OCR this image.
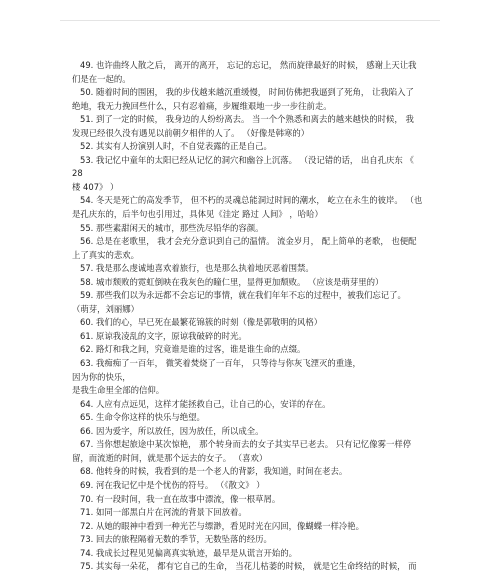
49. 也许曲终人散之后， 离开的离开， 忘记的忘记， 然而旋律最好的时候， 感谢上天让我
们是在一起的。
50. 随着时间的围困， 我的步伐越来越沉重缓慢， 时间仿佛把我逼到了死角， 让我陷入了
绝地，我无力挽回些什么，只有忍着痛，步履维艰地一步一步往前走。
51. 到了一定的时候， 我身边的人纷纷离去。 当一个个熟悉和离去的越来越快的时候， 我
发现已经很久没有遇见以前朝夕相伴的人了。 （好像是韩寒的）
52. 其实有人扮演别人时，不自觉表露的正是自己。
53. 我记忆中童年的太阳已经从记忆的洞穴和幽谷上沉落。 （没记错的话， 出自孔庆东 《
28
楼 407》 ）
54. 冬天是死亡的高发季节， 但不朽的灵魂总能洞过时间的潮水， 屹立在永生的彼岸。 （也
是孔庆东的，后半句也引用过，具体见《洼定 路过 人间》 ，哈哈）
55. 那些素甜闲天的城市，那些洗尽铅华的容颜。
56. 总是在老歌里， 我才会充分意识到自己的温情。 流金岁月， 配上简单的老歌， 也便配
上了真实的悲欢。
57. 我是那么虔诚地喜欢着旅行，也是那么执着地厌恶着围禁。
58. 城市颓败的霓虹倒映在我灰色的瞳仁里，显得更加颓败。 （应该是萌芽里的）
59. 那些我们以为永远都不会忘记的事情，就在我们年年不忘的过程中，被我们忘记了。
（萌芽，刘丽娜）
60. 我们的心，早已死在最繁花锦簇的时刻（像是郭敬明的风格）
61. 原谅我凌乱的文字，原谅我破碎的时光。
62. 路灯和我之间，究竟谁是谁的过客，谁是谁生命的点缀。
63. 我痴痴了一百年， 微笑着焚烧了一百年， 只等待与你灰飞湮灭的重逢，
因为你的快乐，
是我生命里全部的信仰。
64. 人应有点远见，这样才能拯救自己，让自己的心，安详的存在。
65. 生命令你这样的快乐与绝望。
66. 因为爱字，所以放任，因为放任，所以成全。
67. 当你想起旅途中某次惊艳， 那个转身而去的女子其实早已老去。 只有记忆像雾一样停
留，而流逝的时间，就是那个远去的女子。 （喜欢）
68. 他转身的时候，我看到的是一个老人的背影，我知道，时间在老去。
69. 河在我记忆中是个忧伤的符号。 （《散文》 ）
70. 有一段时间，我一直在故事中漂流，像一根草屑。
71. 如同一部黑白片在河流的背景下回放着。
72. 从她的眼神中看到一种光芒与缥渺，看见时光在闪回，像蝴蝶一样冷艳。
73. 回去的旅程隔着无数的季节，无数坠落的经历。
74. 我成长过程见见偏离真实轨迹，最早是从谎言开始的。
75. 其实每一朵花， 都有它自己的生命， 当花儿枯萎的时候， 就是它生命终结的时候， 而
